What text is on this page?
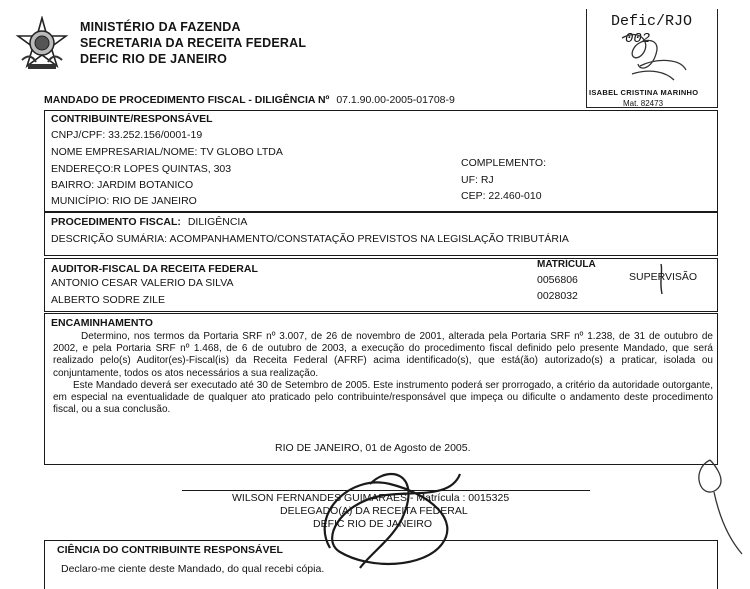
MINISTÉRIO DA FAZENDA
SECRETARIA DA RECEITA FEDERAL
DEFIC RIO DE JANEIRO
Defic/RJO
002
ISABEL CRISTINA MARINHO
Mat. 82473
MANDADO DE PROCEDIMENTO FISCAL - DILIGÊNCIA Nº 07.1.90.00-2005-01708-9
CONTRIBUINTE/RESPONSÁVEL
CNPJ/CPF: 33.252.156/0001-19
NOME EMPRESARIAL/NOME: TV GLOBO LTDA
ENDEREÇO:R LOPES QUINTAS, 303
BAIRRO: JARDIM BOTANICO
MUNICÍPIO: RIO DE JANEIRO
COMPLEMENTO:
UF: RJ
CEP: 22.460-010
PROCEDIMENTO FISCAL: DILIGÊNCIA
DESCRIÇÃO SUMÁRIA: ACOMPANHAMENTO/CONSTATAÇÃO PREVISTOS NA LEGISLAÇÃO TRIBUTÁRIA
AUDITOR-FISCAL DA RECEITA FEDERAL	MATRÍCULA
ANTONIO CESAR VALERIO DA SILVA	0056806	SUPERVISÃO
ALBERTO SODRE ZILE	0028032
ENCAMINHAMENTO
Determino, nos termos da Portaria SRF nº 3.007, de 26 de novembro de 2001, alterada pela Portaria SRF nº 1.238, de 31 de outubro de 2002, e pela Portaria SRF nº 1.468, de 6 de outubro de 2003, a execução do procedimento fiscal definido pelo presente Mandado, que será realizado pelo(s) Auditor(es)-Fiscal(is) da Receita Federal (AFRF) acima identificado(s), que está(ão) autorizado(s) a praticar, isolada ou conjuntamente, todos os atos necessários a sua realização.
Este Mandado deverá ser executado até 30 de Setembro de 2005. Este instrumento poderá ser prorrogado, a critério da autoridade outorgante, em especial na eventualidade de qualquer ato praticado pelo contribuinte/responsável que impeça ou dificulte o andamento deste procedimento fiscal, ou a sua conclusão.
RIO DE JANEIRO, 01 de Agosto de 2005.
WILSON FERNANDES GUIMARAES - Matrícula : 0015325
DELEGADO(A) DA RECEITA FEDERAL
DEFIC RIO DE JANEIRO
CIÊNCIA DO CONTRIBUINTE RESPONSÁVEL
Declaro-me ciente deste Mandado, do qual recebi cópia.
